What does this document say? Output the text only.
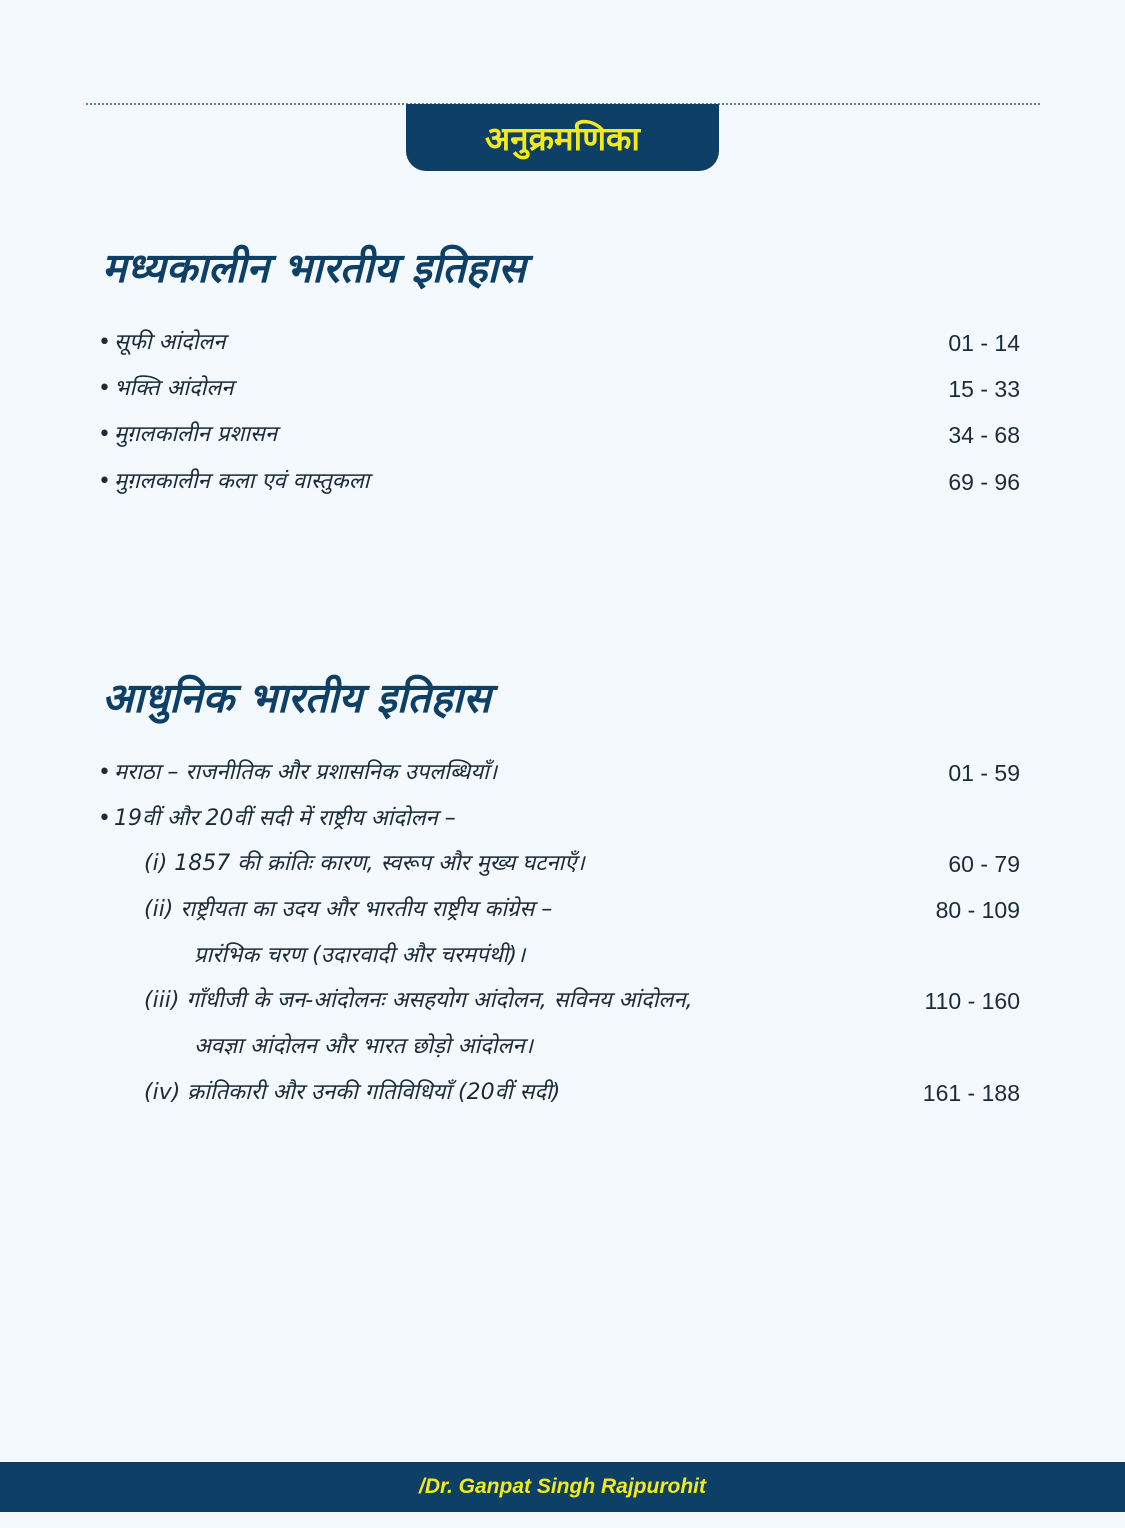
अनुक्रमणिका
मध्यकालीन भारतीय इतिहास
• सूफी आंदोलन	01 - 14
• भक्ति आंदोलन	15 - 33
• मुग़लकालीन प्रशासन	34 - 68
• मुग़लकालीन कला एवं वास्तुकला	69 - 96
आधुनिक भारतीय इतिहास
• मराठा – राजनीतिक और प्रशासनिक उपलब्धियाँ।	01 - 59
• 19वीं और 20वीं सदी में राष्ट्रीय आंदोलन –
(i) 1857 की क्रांतिः कारण, स्वरूप और मुख्य घटनाएँ।	60 - 79
(ii) राष्ट्रीयता का उदय और भारतीय राष्ट्रीय कांग्रेस –	80 - 109
प्रारंभिक चरण (उदारवादी और चरमपंथी)।
(iii) गाँधीजी के जन-आंदोलनः असहयोग आंदोलन, सविनय आंदोलन,	110 - 160
अवज्ञा आंदोलन और भारत छोड़ो आंदोलन।
(iv) क्रांतिकारी और उनकी गतिविधियाँ (20वीं सदी)	161 - 188
/Dr. Ganpat Singh Rajpurohit
